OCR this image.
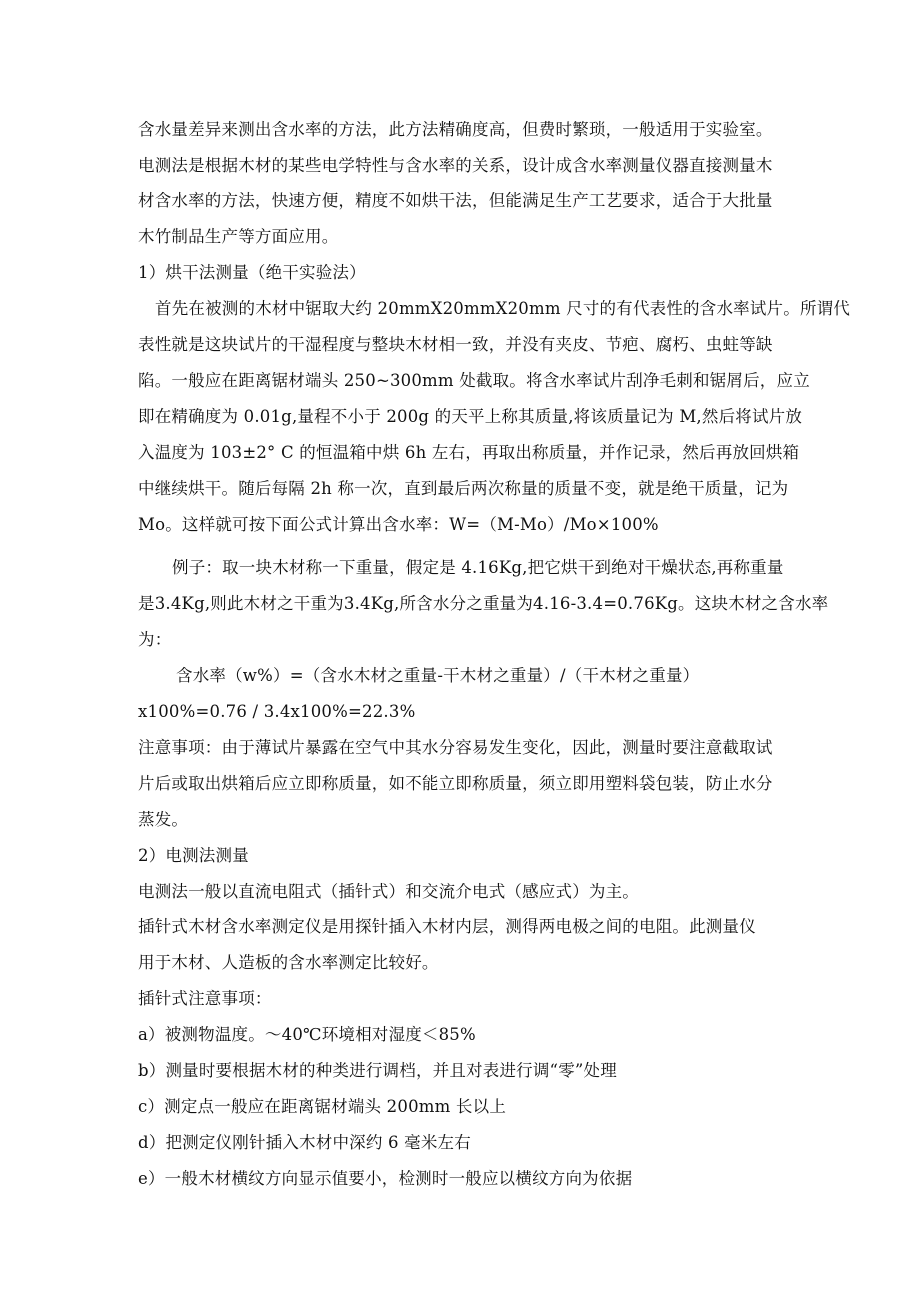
含水量差异来测出含水率的方法，此方法精确度高，但费时繁琐，一般适用于实验室。

电测法是根据木材的某些电学特性与含水率的关系，设计成含水率测量仪器直接测量木

材含水率的方法，快速方便，精度不如烘干法，但能满足生产工艺要求，适合于大批量

木竹制品生产等方面应用。

1）烘干法测量（绝干实验法）

首先在被测的木材中锯取大约 20mmX20mmX20mm 尺寸的有代表性的含水率试片。所谓代

表性就是这块试片的干湿程度与整块木材相一致，并没有夹皮、节疤、腐朽、虫蛀等缺

陷。一般应在距离锯材端头 250~300mm 处截取。将含水率试片刮净毛刺和锯屑后，应立

即在精确度为 0.01g,量程不小于 200g 的天平上称其质量,将该质量记为 M,然后将试片放

入温度为 103±2° C 的恒温箱中烘 6h 左右，再取出称质量，并作记录，然后再放回烘箱

中继续烘干。随后每隔 2h 称一次，直到最后两次称量的质量不变，就是绝干质量，记为

Mo。这样就可按下面公式计算出含水率：W=（M-Mo）/Mo×100%

例子：取一块木材称一下重量，假定是 4.16Kg,把它烘干到绝对干燥状态,再称重量

是3.4Kg,则此木材之干重为3.4Kg,所含水分之重量为4.16-3.4=0.76Kg。这块木材之含水率

为：

含水率（w%）=（含水木材之重量-干木材之重量）/（干木材之重量）

x100%=0.76 / 3.4x100%=22.3%

注意事项：由于薄试片暴露在空气中其水分容易发生变化，因此，测量时要注意截取试

片后或取出烘箱后应立即称质量，如不能立即称质量，须立即用塑料袋包装，防止水分

蒸发。

2）电测法测量

电测法一般以直流电阻式（插针式）和交流介电式（感应式）为主。

插针式木材含水率测定仪是用探针插入木材内层，测得两电极之间的电阻。此测量仪

用于木材、人造板的含水率测定比较好。

插针式注意事项：

a）被测物温度。～40℃环境相对湿度＜85%

b）测量时要根据木材的种类进行调档，并且对表进行调“零”处理

c）测定点一般应在距离锯材端头 200mm 长以上

d）把测定仪刚针插入木材中深约 6 毫米左右

e）一般木材横纹方向显示值要小，检测时一般应以横纹方向为依据
